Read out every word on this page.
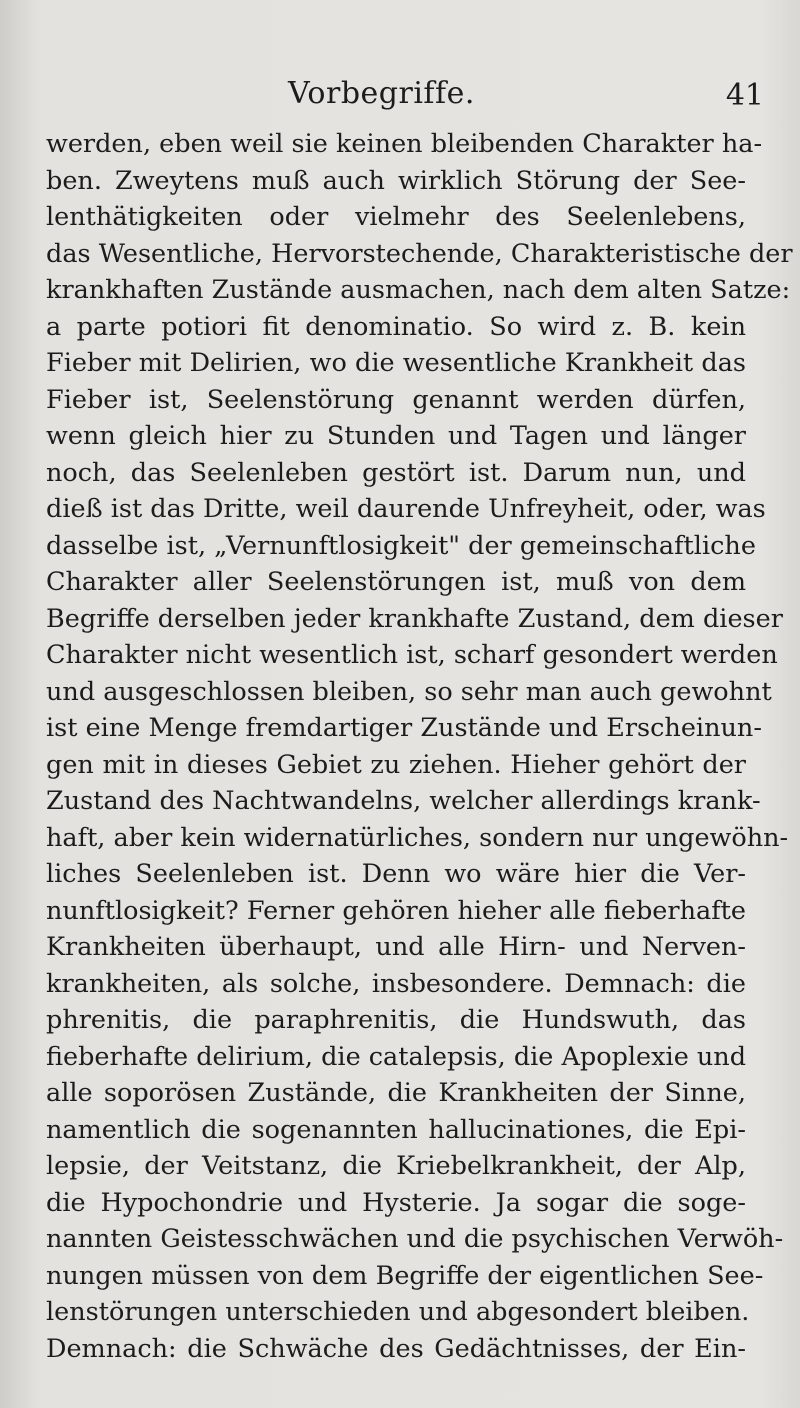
Vorbegriffe.	41
werden, eben weil sie keinen bleibenden Charakter ha-
ben. Zweytens muß auch wirklich Störung der See-
lenthätigkeiten oder vielmehr des Seelenlebens,
das Wesentliche, Hervorstechende, Charakteristische der
krankhaften Zustände ausmachen, nach dem alten Satze:
a parte potiori fit denominatio. So wird z. B. kein
Fieber mit Delirien, wo die wesentliche Krankheit das
Fieber ist, Seelenstörung genannt werden dürfen,
wenn gleich hier zu Stunden und Tagen und länger
noch, das Seelenleben gestört ist. Darum nun, und
dieß ist das Dritte, weil daurende Unfreyheit, oder, was
dasselbe ist, „Vernunftlosigkeit" der gemeinschaftliche
Charakter aller Seelenstörungen ist, muß von dem
Begriffe derselben jeder krankhafte Zustand, dem dieser
Charakter nicht wesentlich ist, scharf gesondert werden
und ausgeschlossen bleiben, so sehr man auch gewohnt
ist eine Menge fremdartiger Zustände und Erscheinun-
gen mit in dieses Gebiet zu ziehen. Hieher gehört der
Zustand des Nachtwandelns, welcher allerdings krank-
haft, aber kein widernatürliches, sondern nur ungewöhn-
liches Seelenleben ist. Denn wo wäre hier die Ver-
nunftlosigkeit? Ferner gehören hieher alle fieberhafte
Krankheiten überhaupt, und alle Hirn- und Nerven-
krankheiten, als solche, insbesondere. Demnach: die
phrenitis, die paraphrenitis, die Hundswuth, das
fieberhafte delirium, die catalepsis, die Apoplexie und
alle soporösen Zustände, die Krankheiten der Sinne,
namentlich die sogenannten hallucinationes, die Epi-
lepsie, der Veitstanz, die Kriebelkrankheit, der Alp,
die Hypochondrie und Hysterie. Ja sogar die soge-
nannten Geistesschwächen und die psychischen Verwöh-
nungen müssen von dem Begriffe der eigentlichen See-
lenstörungen unterschieden und abgesondert bleiben.
Demnach: die Schwäche des Gedächtnisses, der Ein-
